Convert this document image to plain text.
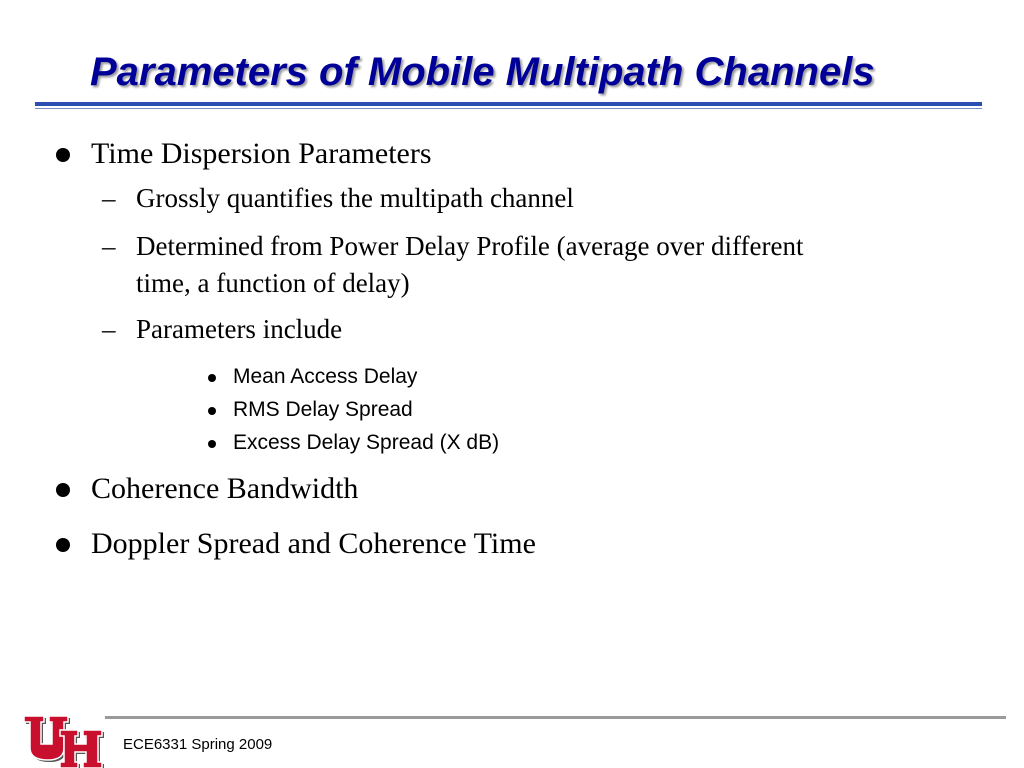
Parameters of Mobile Multipath Channels
Time Dispersion Parameters
– Grossly quantifies the multipath channel
– Determined from Power Delay Profile (average over different
time, a function of delay)
– Parameters include
Mean Access Delay
RMS Delay Spread
Excess Delay Spread (X dB)
Coherence Bandwidth
Doppler Spread and Coherence Time
ECE6331 Spring 2009
